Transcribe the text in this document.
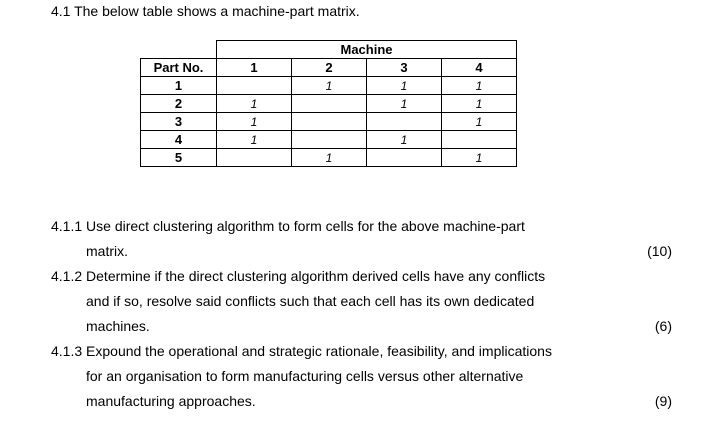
4.1 The below table shows a machine-part matrix.
	Machine			
Part No.	1	2	3	4
1		1	1	1
2	1		1	1
3	1			1
4	1		1	
5		1		1
4.1.1 Use direct clustering algorithm to form cells for the above machine-part
matrix.	(10)
4.1.2 Determine if the direct clustering algorithm derived cells have any conflicts
and if so, resolve said conflicts such that each cell has its own dedicated
machines.	(6)
4.1.3 Expound the operational and strategic rationale, feasibility, and implications
for an organisation to form manufacturing cells versus other alternative
manufacturing approaches.	(9)
